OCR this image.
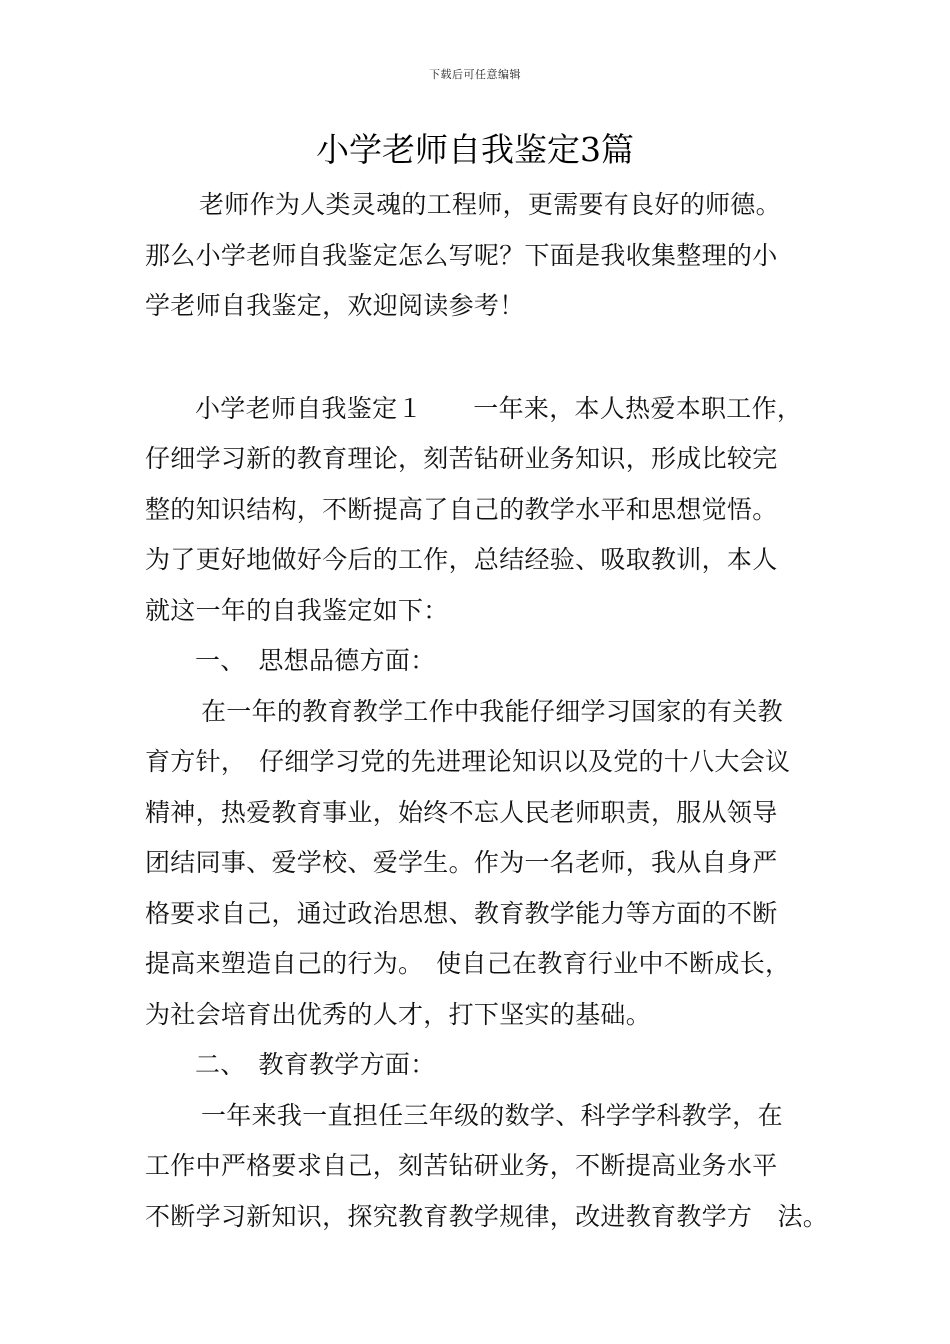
下载后可任意编辑
小学老师自我鉴定3篇
老师作为人类灵魂的工程师，更需要有良好的师德。
那么小学老师自我鉴定怎么写呢？下面是我收集整理的小
学老师自我鉴定，欢迎阅读参考！
小学老师自我鉴定１　　一年来，本人热爱本职工作，
仔细学习新的教育理论，刻苦钻研业务知识，形成比较完
整的知识结构，不断提高了自己的教学水平和思想觉悟。
为了更好地做好今后的工作，总结经验、吸取教训，本人
就这一年的自我鉴定如下：
一、　思想品德方面：
在一年的教育教学工作中我能仔细学习国家的有关教
育方针，　仔细学习党的先进理论知识以及党的十八大会议
精神，热爱教育事业，始终不忘人民老师职责，服从领导
团结同事、爱学校、爱学生。作为一名老师，我从自身严
格要求自己，通过政治思想、教育教学能力等方面的不断
提高来塑造自己的行为。　使自己在教育行业中不断成长，
为社会培育出优秀的人才，打下坚实的基础。
二、　教育教学方面：
一年来我一直担任三年级的数学、科学学科教学，在
工作中严格要求自己，刻苦钻研业务，不断提高业务水平
不断学习新知识，探究教育教学规律，改进教育教学方　法。
